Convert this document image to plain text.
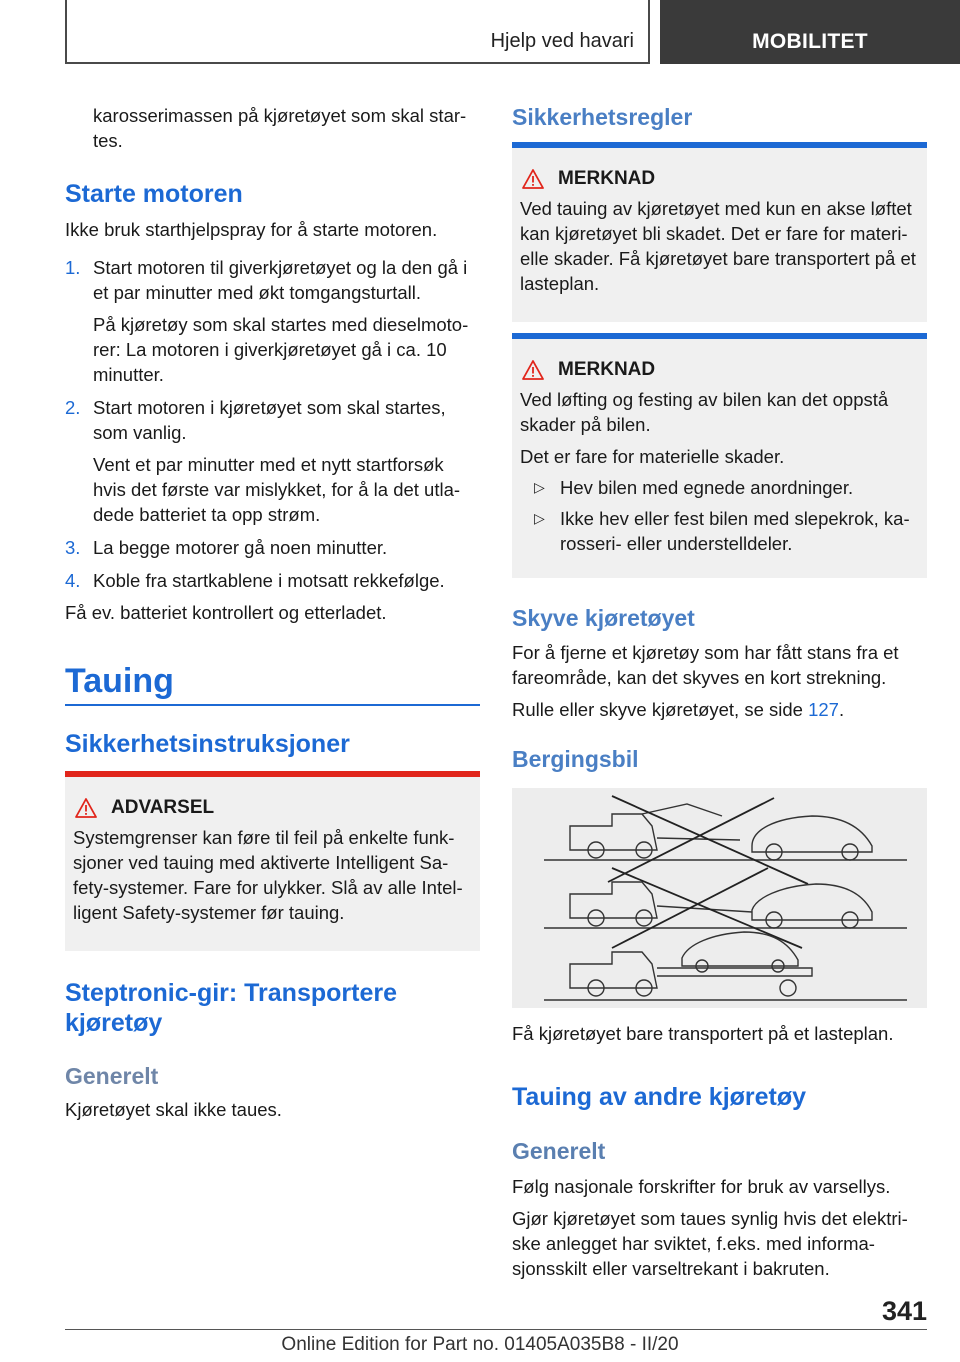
Hjelp ved havari	MOBILITET
karosserimassen på kjøretøyet som skal star-
tes.
Starte motoren
Ikke bruk starthjelpspray for å starte motoren.
1. Start motoren til giverkjøretøyet og la den gå i et par minutter med økt tomgangsturtall.
På kjøretøy som skal startes med dieselmoto-rer: La motoren i giverkjøretøyet gå i ca. 10 minutter.
2. Start motoren i kjøretøyet som skal startes, som vanlig.
Vent et par minutter med et nytt startforsøk hvis det første var mislykket, for å la det utla-dede batteriet ta opp strøm.
3. La begge motorer gå noen minutter.
4. Koble fra startkablene i motsatt rekkefølge.
Få ev. batteriet kontrollert og etterladet.
Tauing
Sikkerhetsinstruksjoner
ADVARSEL
Systemgrenser kan føre til feil på enkelte funk-sjoner ved tauing med aktiverte Intelligent Sa-fety-systemer. Fare for ulykker. Slå av alle Intel-ligent Safety-systemer før tauing.
Steptronic-gir: Transportere kjøretøy
Generelt
Kjøretøyet skal ikke taues.
Sikkerhetsregler
MERKNAD
Ved tauing av kjøretøyet med kun en akse løftet kan kjøretøyet bli skadet. Det er fare for materi-elle skader. Få kjøretøyet bare transportert på et lasteplan.
MERKNAD
Ved løfting og festing av bilen kan det oppstå skader på bilen.
Det er fare for materielle skader.
▷ Hev bilen med egnede anordninger.
▷ Ikke hev eller fest bilen med slepekrok, ka-rosseri- eller understelldeler.
Skyve kjøretøyet
For å fjerne et kjøretøy som har fått stans fra et fareområde, kan det skyves en kort strekning.
Rulle eller skyve kjøretøyet, se side 127.
Bergingsbil
Få kjøretøyet bare transportert på et lasteplan.
Tauing av andre kjøretøy
Generelt
Følg nasjonale forskrifter for bruk av varsellys.
Gjør kjøretøyet som taues synlig hvis det elektri-ske anlegget har sviktet, f.eks. med informa-sjonsskilt eller varseltrekant i bakruten.
341
Online Edition for Part no. 01405A035B8 - II/20
